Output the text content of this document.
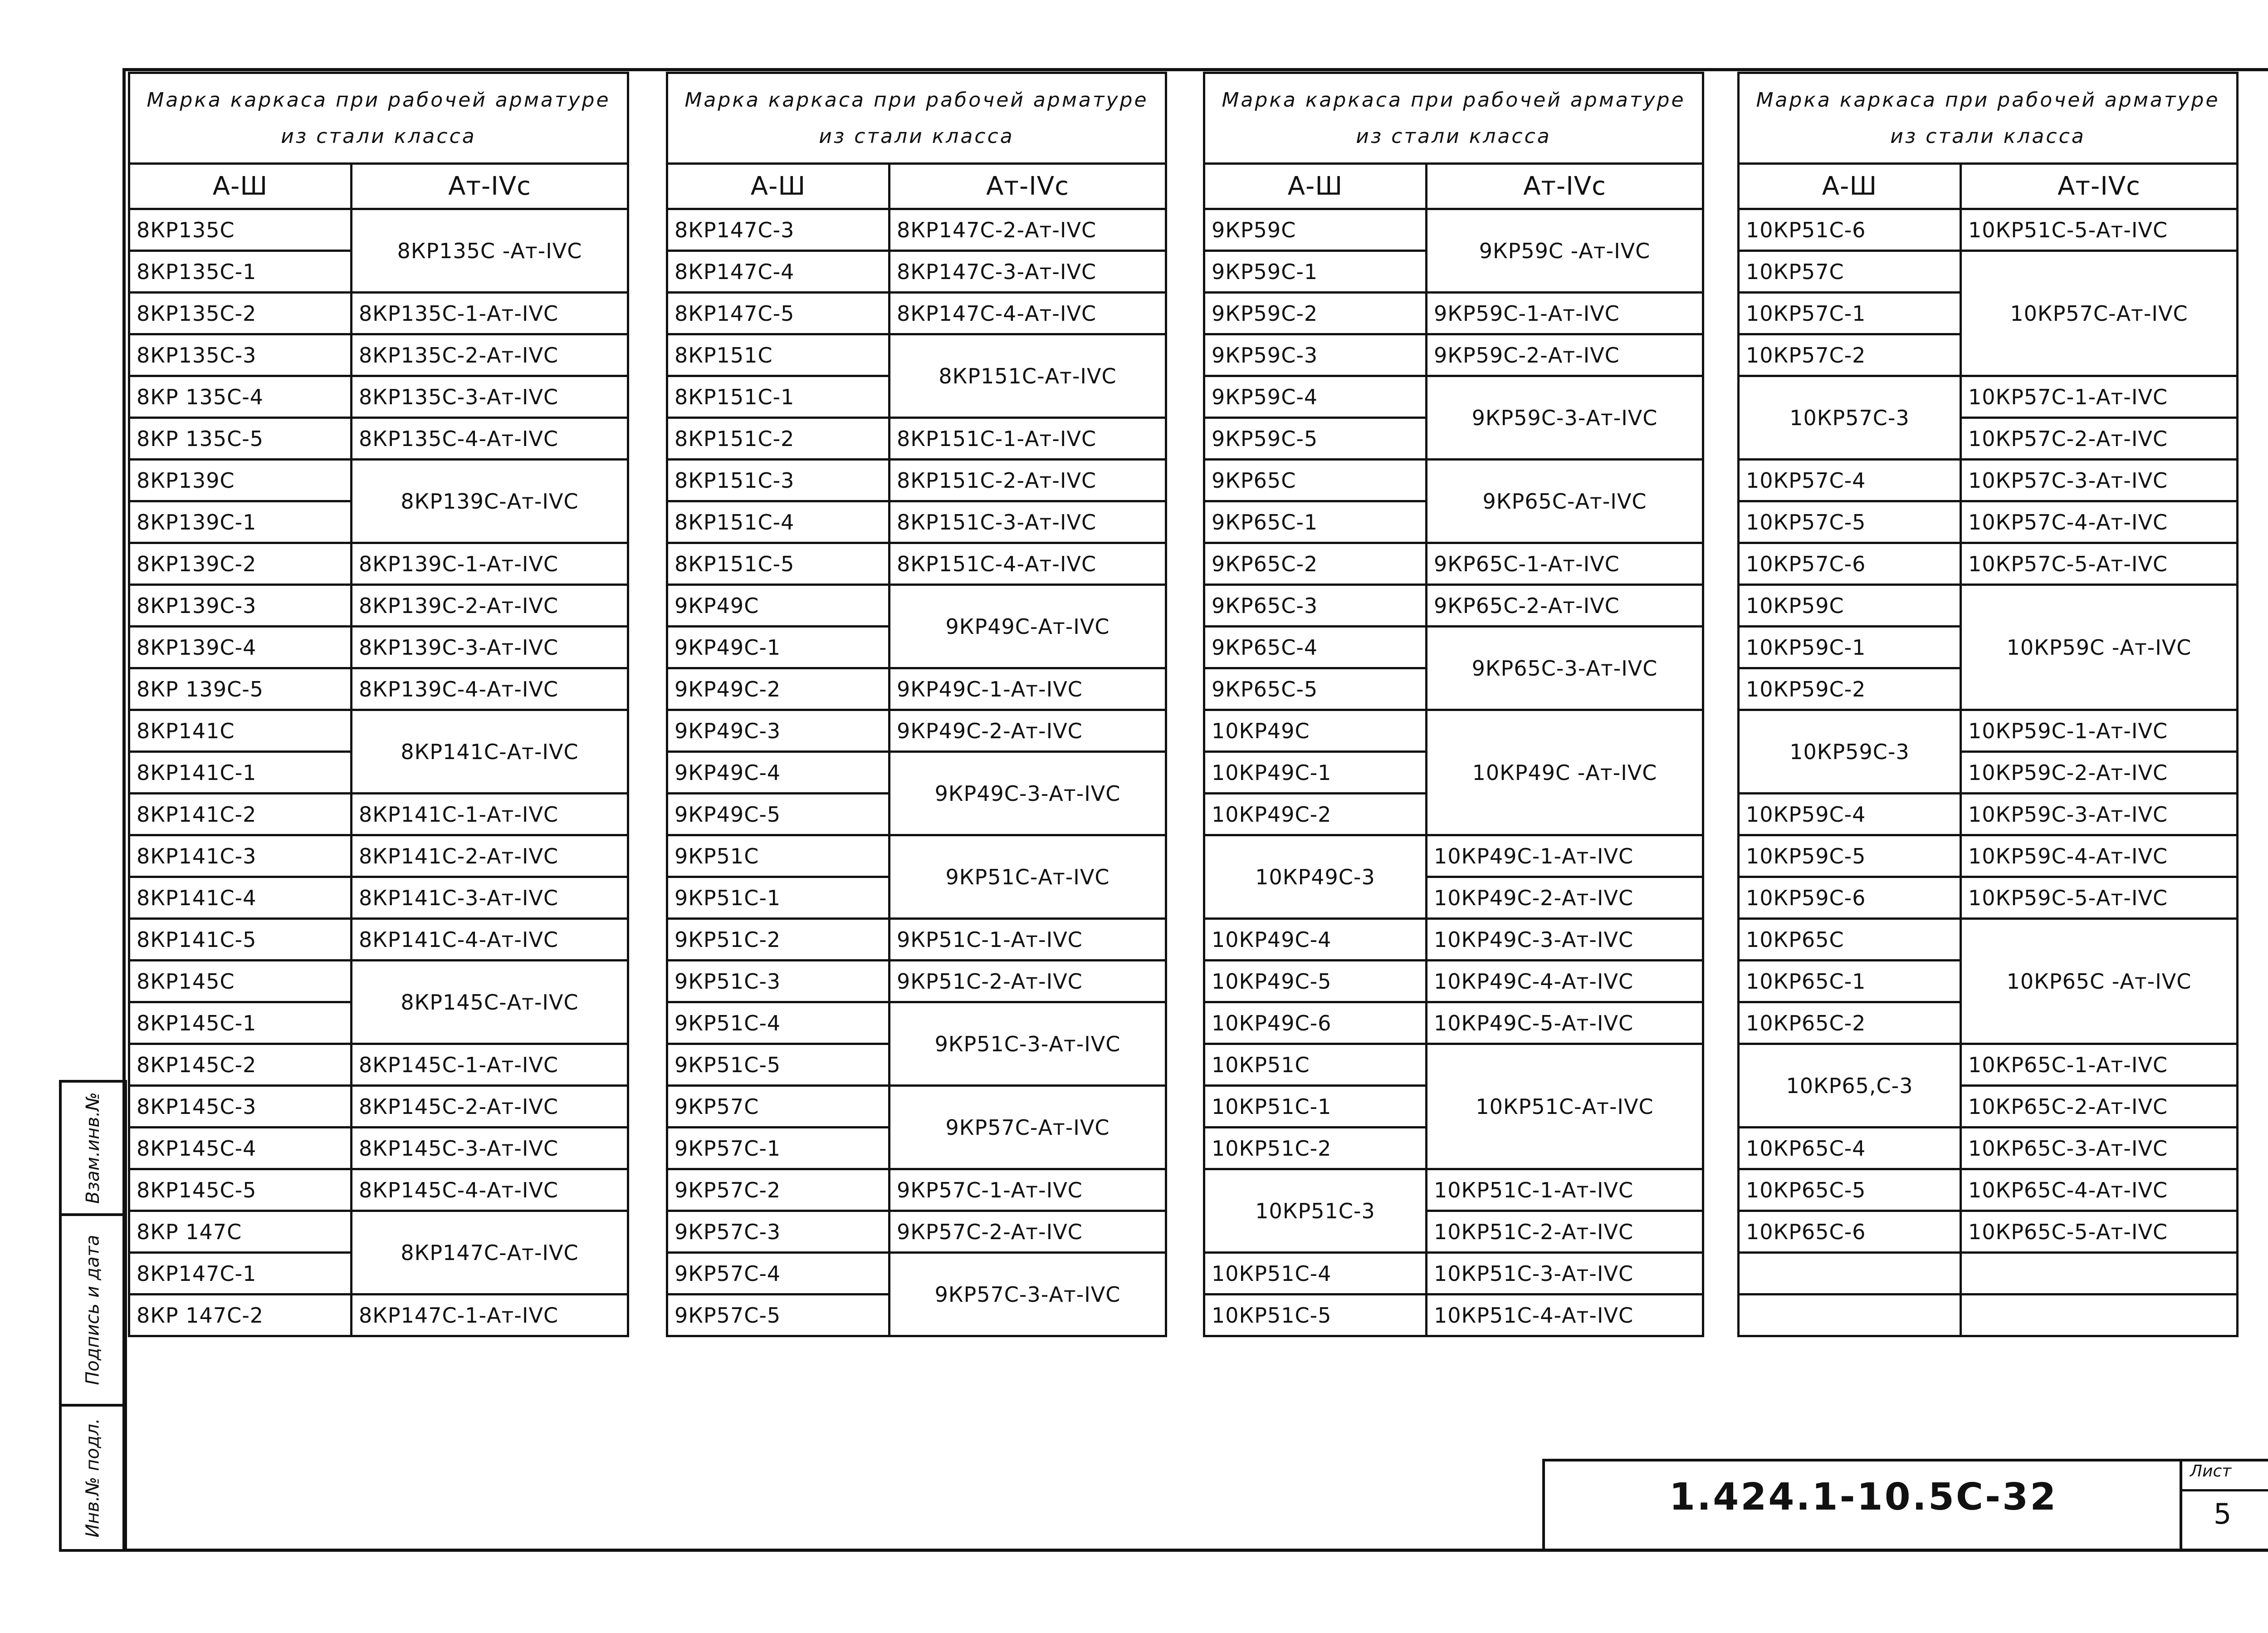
Марка каркаса при рабочей арматуре из стали класса	
А-Ш	Ат-IVс
8КР135С	8КР135С -Ат-IVС
8КР135С-1	
8КР135С-2	8КР135С-1-Ат-IVС
8КР135С-3	8КР135С-2-Ат-IVС
8КР 135С-4	8КР135С-3-Ат-IVС
8КР 135С-5	8КР135С-4-Ат-IVС
8КР139С	8КР139С-Ат-IVС
8КР139С-1	
8КР139С-2	8КР139С-1-Ат-IVС
8КР139С-3	8КР139С-2-Ат-IVС
8КР139С-4	8КР139С-3-Ат-IVС
8КР 139С-5	8КР139С-4-Ат-IVС
8КР141С	8КР141С-Ат-IVС
8КР141С-1	
8КР141С-2	8КР141С-1-Ат-IVС
8КР141С-3	8КР141С-2-Ат-IVС
8КР141С-4	8КР141С-3-Ат-IVС
8КР141С-5	8КР141С-4-Ат-IVС
8КР145С	8КР145С-Ат-IVС
8КР145С-1	
8КР145С-2	8КР145С-1-Ат-IVС
8КР145С-3	8КР145С-2-Ат-IVС
8КР145С-4	8КР145С-3-Ат-IVС
8КР145С-5	8КР145С-4-Ат-IVС
8КР 147С	8КР147С-Ат-IVС
8КР147С-1	
8КР 147С-2	8КР147С-1-Ат-IVС
Марка каркаса при рабочей арматуре из стали класса	
А-Ш	Ат-IVс
8КР147С-3	8КР147С-2-Ат-IVС
8КР147С-4	8КР147С-3-Ат-IVС
8КР147С-5	8КР147С-4-Ат-IVС
8КР151С	8КР151С-Ат-IVС
8КР151С-1	
8КР151С-2	8КР151С-1-Ат-IVС
8КР151С-3	8КР151С-2-Ат-IVС
8КР151С-4	8КР151С-3-Ат-IVС
8КР151С-5	8КР151С-4-Ат-IVС
9КР49С	9КР49С-Ат-IVС
9КР49С-1	
9КР49С-2	9КР49С-1-Ат-IVС
9КР49С-3	9КР49С-2-Ат-IVС
9КР49С-4	9КР49С-3-Ат-IVС
9КР49С-5	
9КР51С	9КР51С-Ат-IVС
9КР51С-1	
9КР51С-2	9КР51С-1-Ат-IVС
9КР51С-3	9КР51С-2-Ат-IVС
9КР51С-4	9КР51С-3-Ат-IVС
9КР51С-5	
9КР57С	9КР57С-Ат-IVС
9КР57С-1	
9КР57С-2	9КР57С-1-Ат-IVС
9КР57С-3	9КР57С-2-Ат-IVС
9КР57С-4	9КР57С-3-Ат-IVС
9КР57С-5	
Марка каркаса при рабочей арматуре из стали класса	
А-Ш	Ат-IVс
9КР59С	9КР59С -Ат-IVС
9КР59С-1	
9КР59С-2	9КР59С-1-Ат-IVС
9КР59С-3	9КР59С-2-Ат-IVС
9КР59С-4	9КР59С-3-Ат-IVС
9КР59С-5	
9КР65С	9КР65С-Ат-IVС
9КР65С-1	
9КР65С-2	9КР65С-1-Ат-IVС
9КР65С-3	9КР65С-2-Ат-IVС
9КР65С-4	9КР65С-3-Ат-IVС
9КР65С-5	
10КР49С	10КР49С -Ат-IVС
10КР49С-1	
10КР49С-2	
10КР49С-3	10КР49С-1-Ат-IVС
	10КР49С-2-Ат-IVС
10КР49С-4	10КР49С-3-Ат-IVС
10КР49С-5	10КР49С-4-Ат-IVС
10КР49С-6	10КР49С-5-Ат-IVС
10КР51С	10КР51С-Ат-IVС
10КР51С-1	
10КР51С-2	
10КР51С-3	10КР51С-1-Ат-IVС
	10КР51С-2-Ат-IVС
10КР51С-4	10КР51С-3-Ат-IVС
10КР51С-5	10КР51С-4-Ат-IVС
Марка каркаса при рабочей арматуре из стали класса	
А-Ш	Ат-IVс
10КР51С-6	10КР51С-5-Ат-IVС
10КР57С	10КР57С-Ат-IVС
10КР57С-1	
10КР57С-2	
10КР57С-3	10КР57С-1-Ат-IVС
	10КР57С-2-Ат-IVС
10КР57С-4	10КР57С-3-Ат-IVС
10КР57С-5	10КР57С-4-Ат-IVС
10КР57С-6	10КР57С-5-Ат-IVС
10КР59С	10КР59С -Ат-IVС
10КР59С-1	
10КР59С-2	
10КР59С-3	10КР59С-1-Ат-IVС
	10КР59С-2-Ат-IVС
10КР59С-4	10КР59С-3-Ат-IVС
10КР59С-5	10КР59С-4-Ат-IVС
10КР59С-6	10КР59С-5-Ат-IVС
10КР65С	10КР65С -Ат-IVС
10КР65С-1	
10КР65С-2	
10КР65,С-3	10КР65С-1-Ат-IVС
	10КР65С-2-Ат-IVС
10КР65С-4	10КР65С-3-Ат-IVС
10КР65С-5	10КР65С-4-Ат-IVС
10КР65С-6	10КР65С-5-Ат-IVС

Взам.инв.№
Подпись и дата
Инв.№ подл.	1.424.1-10.5С-32
Лист
5
